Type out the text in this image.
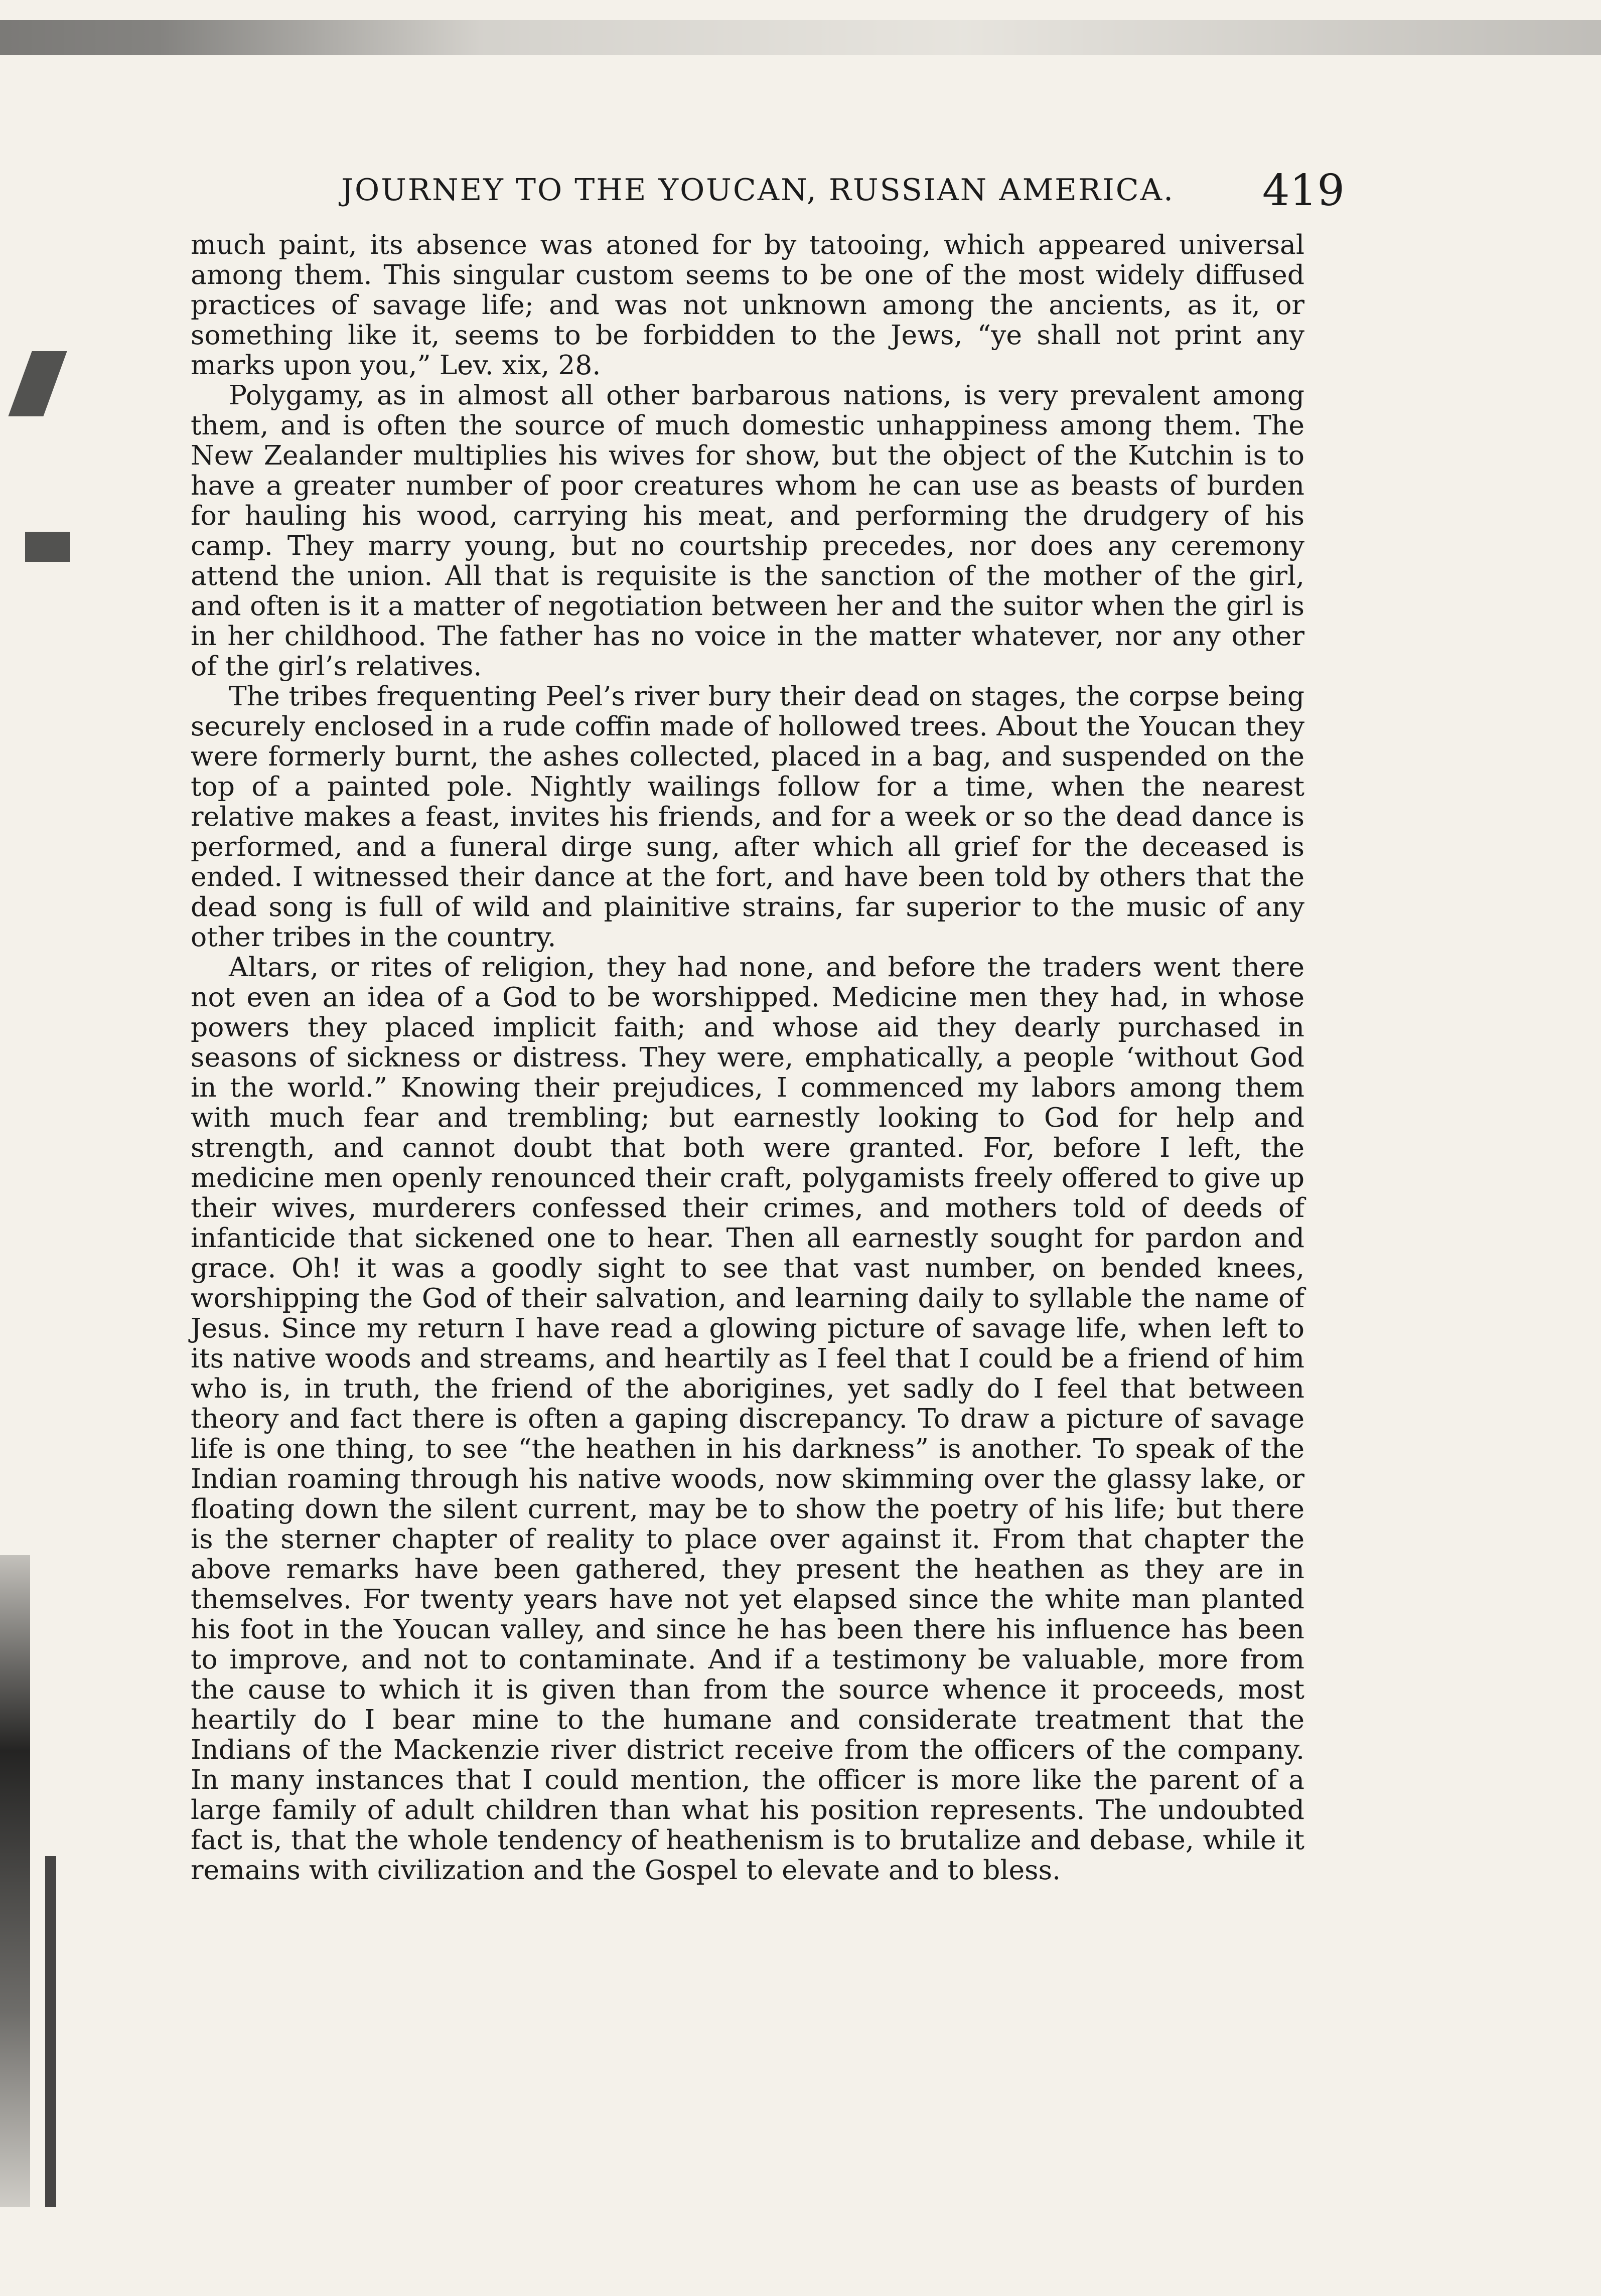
JOURNEY TO THE YOUCAN, RUSSIAN AMERICA. 419

much paint, its absence was atoned for by tatooing, which appeared universal among them. This singular custom seems to be one of the most widely diffused practices of savage life; and was not unknown among the ancients, as it, or something like it, seems to be forbidden to the Jews, “ye shall not print any marks upon you,” Lev. xix, 28.

Polygamy, as in almost all other barbarous nations, is very prevalent among them, and is often the source of much domestic unhappiness among them. The New Zealander multiplies his wives for show, but the object of the Kutchin is to have a greater number of poor creatures whom he can use as beasts of burden for hauling his wood, carrying his meat, and performing the drudgery of his camp. They marry young, but no courtship precedes, nor does any ceremony attend the union. All that is requisite is the sanction of the mother of the girl, and often is it a matter of negotiation between her and the suitor when the girl is in her childhood. The father has no voice in the matter whatever, nor any other of the girl’s relatives.

The tribes frequenting Peel’s river bury their dead on stages, the corpse being securely enclosed in a rude coffin made of hollowed trees. About the Youcan they were formerly burnt, the ashes collected, placed in a bag, and suspended on the top of a painted pole. Nightly wailings follow for a time, when the nearest relative makes a feast, invites his friends, and for a week or so the dead dance is performed, and a funeral dirge sung, after which all grief for the deceased is ended. I witnessed their dance at the fort, and have been told by others that the dead song is full of wild and plainitive strains, far superior to the music of any other tribes in the country.

Altars, or rites of religion, they had none, and before the traders went there not even an idea of a God to be worshipped. Medicine men they had, in whose powers they placed implicit faith; and whose aid they dearly purchased in seasons of sickness or distress. They were, emphatically, a people ‘without God in the world.” Knowing their prejudices, I commenced my labors among them with much fear and trembling; but earnestly looking to God for help and strength, and cannot doubt that both were granted. For, before I left, the medicine men openly renounced their craft, polygamists freely offered to give up their wives, murderers confessed their crimes, and mothers told of deeds of infanticide that sickened one to hear. Then all earnestly sought for pardon and grace. Oh! it was a goodly sight to see that vast number, on bended knees, worshipping the God of their salvation, and learning daily to syllable the name of Jesus. Since my return I have read a glowing picture of savage life, when left to its native woods and streams, and heartily as I feel that I could be a friend of him who is, in truth, the friend of the aborigines, yet sadly do I feel that between theory and fact there is often a gaping discrepancy. To draw a picture of savage life is one thing, to see “the heathen in his darkness” is another. To speak of the Indian roaming through his native woods, now skimming over the glassy lake, or floating down the silent current, may be to show the poetry of his life; but there is the sterner chapter of reality to place over against it. From that chapter the above remarks have been gathered, they present the heathen as they are in themselves. For twenty years have not yet elapsed since the white man planted his foot in the Youcan valley, and since he has been there his influence has been to improve, and not to contaminate. And if a testimony be valuable, more from the cause to which it is given than from the source whence it proceeds, most heartily do I bear mine to the humane and considerate treatment that the Indians of the Mackenzie river district receive from the officers of the company. In many instances that I could mention, the officer is more like the parent of a large family of adult children than what his position represents. The undoubted fact is, that the whole tendency of heathenism is to brutalize and debase, while it remains with civilization and the Gospel to elevate and to bless.
